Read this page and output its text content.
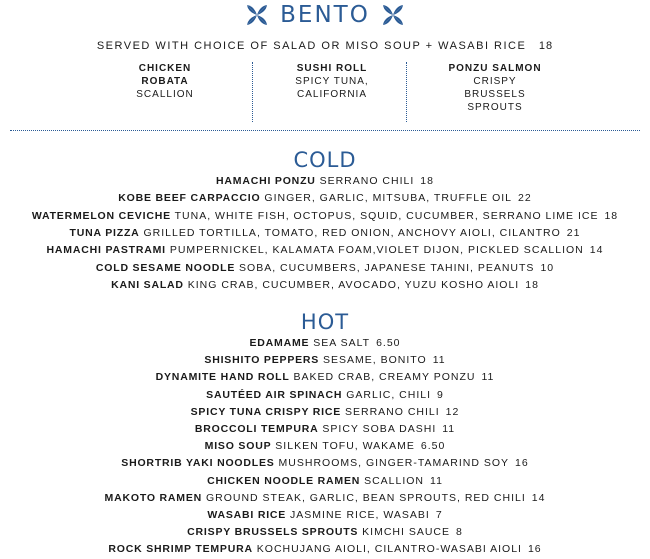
BENTO
SERVED WITH CHOICE OF SALAD OR MISO SOUP + WASABI RICE 18
CHICKEN
ROBATA
SCALLION
SUSHI ROLL
SPICY TUNA,
CALIFORNIA
PONZU SALMON
CRISPY
BRUSSELS
SPROUTS
COLD
HAMACHI PONZU SERRANO CHILI 18
KOBE BEEF CARPACCIO GINGER, GARLIC, MITSUBA, TRUFFLE OIL 22
WATERMELON CEVICHE TUNA, WHITE FISH, OCTOPUS, SQUID, CUCUMBER, SERRANO LIME ICE 18
TUNA PIZZA GRILLED TORTILLA, TOMATO, RED ONION, ANCHOVY AIOLI, CILANTRO 21
HAMACHI PASTRAMI PUMPERNICKEL, KALAMATA FOAM,VIOLET DIJON, PICKLED SCALLION 14
COLD SESAME NOODLE SOBA, CUCUMBERS, JAPANESE TAHINI, PEANUTS 10
KANI SALAD KING CRAB, CUCUMBER, AVOCADO, YUZU KOSHO AIOLI 18
HOT
EDAMAME SEA SALT 6.50
SHISHITO PEPPERS SESAME, BONITO 11
DYNAMITE HAND ROLL BAKED CRAB, CREAMY PONZU 11
SAUTÉED AIR SPINACH GARLIC, CHILI 9
SPICY TUNA CRISPY RICE SERRANO CHILI 12
BROCCOLI TEMPURA SPICY SOBA DASHI 11
MISO SOUP SILKEN TOFU, WAKAME 6.50
SHORTRIB YAKI NOODLES MUSHROOMS, GINGER-TAMARIND SOY 16
CHICKEN NOODLE RAMEN SCALLION 11
MAKOTO RAMEN GROUND STEAK, GARLIC, BEAN SPROUTS, RED CHILI 14
WASABI RICE JASMINE RICE, WASABI 7
CRISPY BRUSSELS SPROUTS KIMCHI SAUCE 8
ROCK SHRIMP TEMPURA KOCHUJANG AIOLI, CILANTRO-WASABI AIOLI 16
